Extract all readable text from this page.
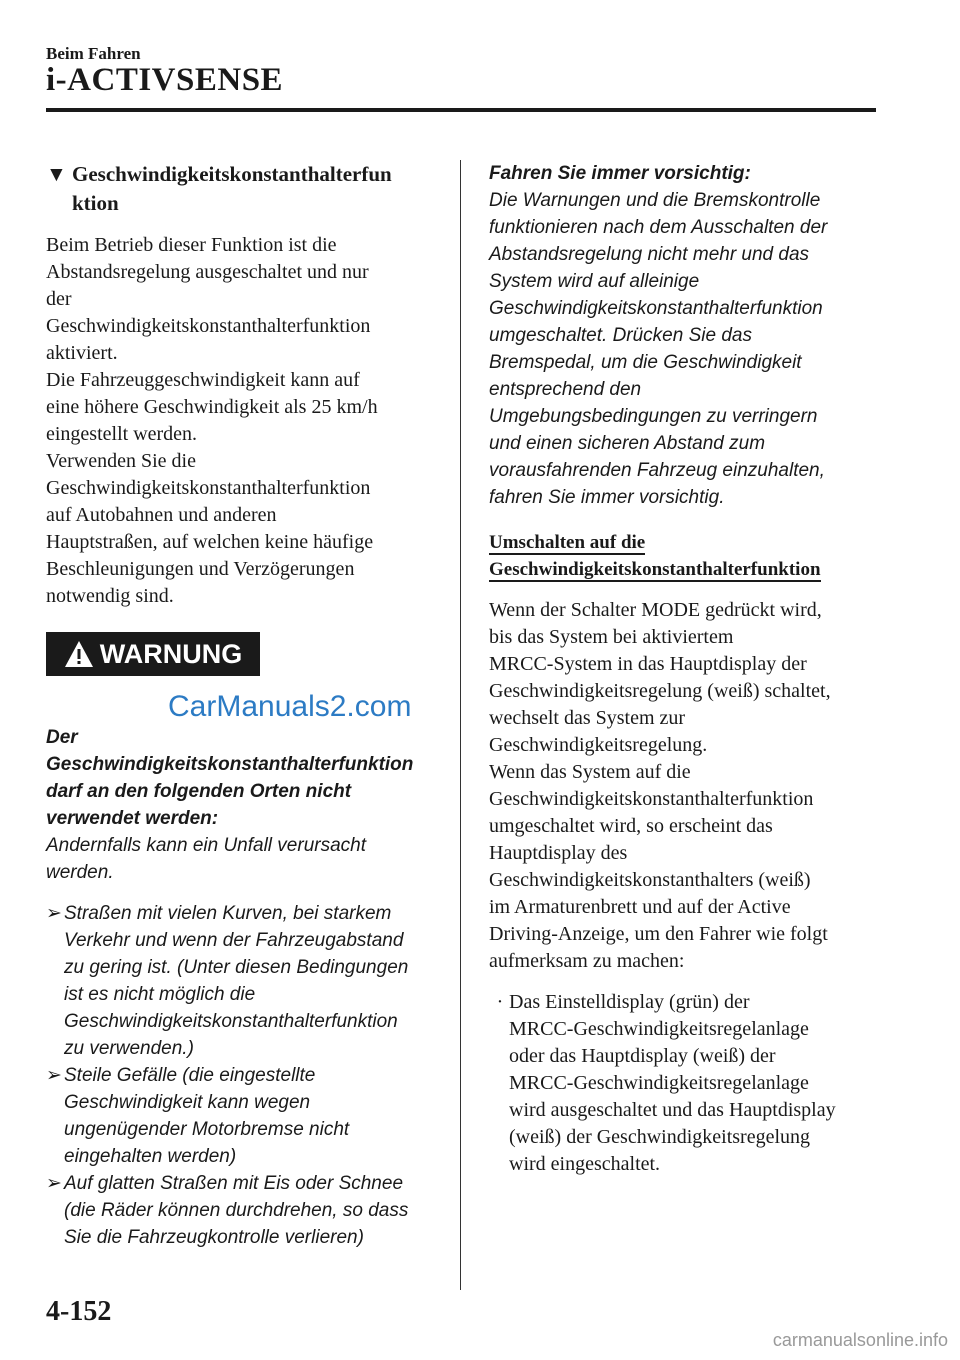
Beim Fahren
i-ACTIVSENSE
▼ Geschwindigkeitskonstanthalterfun
ktion
Beim Betrieb dieser Funktion ist die
Abstandsregelung ausgeschaltet und nur
der
Geschwindigkeitskonstanthalterfunktion
aktiviert.
Die Fahrzeuggeschwindigkeit kann auf
eine höhere Geschwindigkeit als 25 km/h
eingestellt werden.
Verwenden Sie die
Geschwindigkeitskonstanthalterfunktion
auf Autobahnen und anderen
Hauptstraßen, auf welchen keine häufige
Beschleunigungen und Verzögerungen
notwendig sind.
WARNUNG
Der
Geschwindigkeitskonstanthalterfunktion
darf an den folgenden Orten nicht
verwendet werden:
Andernfalls kann ein Unfall verursacht
werden.
➢ Straßen mit vielen Kurven, bei starkem
Verkehr und wenn der Fahrzeugabstand
zu gering ist. (Unter diesen Bedingungen
ist es nicht möglich die
Geschwindigkeitskonstanthalterfunktion
zu verwenden.)
➢ Steile Gefälle (die eingestellte
Geschwindigkeit kann wegen
ungenügender Motorbremse nicht
eingehalten werden)
➢ Auf glatten Straßen mit Eis oder Schnee
(die Räder können durchdrehen, so dass
Sie die Fahrzeugkontrolle verlieren)
Fahren Sie immer vorsichtig:
Die Warnungen und die Bremskontrolle
funktionieren nach dem Ausschalten der
Abstandsregelung nicht mehr und das
System wird auf alleinige
Geschwindigkeitskonstanthalterfunktion
umgeschaltet. Drücken Sie das
Bremspedal, um die Geschwindigkeit
entsprechend den
Umgebungsbedingungen zu verringern
und einen sicheren Abstand zum
vorausfahrenden Fahrzeug einzuhalten,
fahren Sie immer vorsichtig.
Umschalten auf die
Geschwindigkeitskonstanthalterfunktion
Wenn der Schalter MODE gedrückt wird,
bis das System bei aktiviertem
MRCC-System in das Hauptdisplay der
Geschwindigkeitsregelung (weiß) schaltet,
wechselt das System zur
Geschwindigkeitsregelung.
Wenn das System auf die
Geschwindigkeitskonstanthalterfunktion
umgeschaltet wird, so erscheint das
Hauptdisplay des
Geschwindigkeitskonstanthalters (weiß)
im Armaturenbrett und auf der Active
Driving-Anzeige, um den Fahrer wie folgt
aufmerksam zu machen:
· Das Einstelldisplay (grün) der
MRCC-Geschwindigkeitsregelanlage
oder das Hauptdisplay (weiß) der
MRCC-Geschwindigkeitsregelanlage
wird ausgeschaltet und das Hauptdisplay
(weiß) der Geschwindigkeitsregelung
wird eingeschaltet.
CarManuals2.com
4-152
carmanualsonline.info
